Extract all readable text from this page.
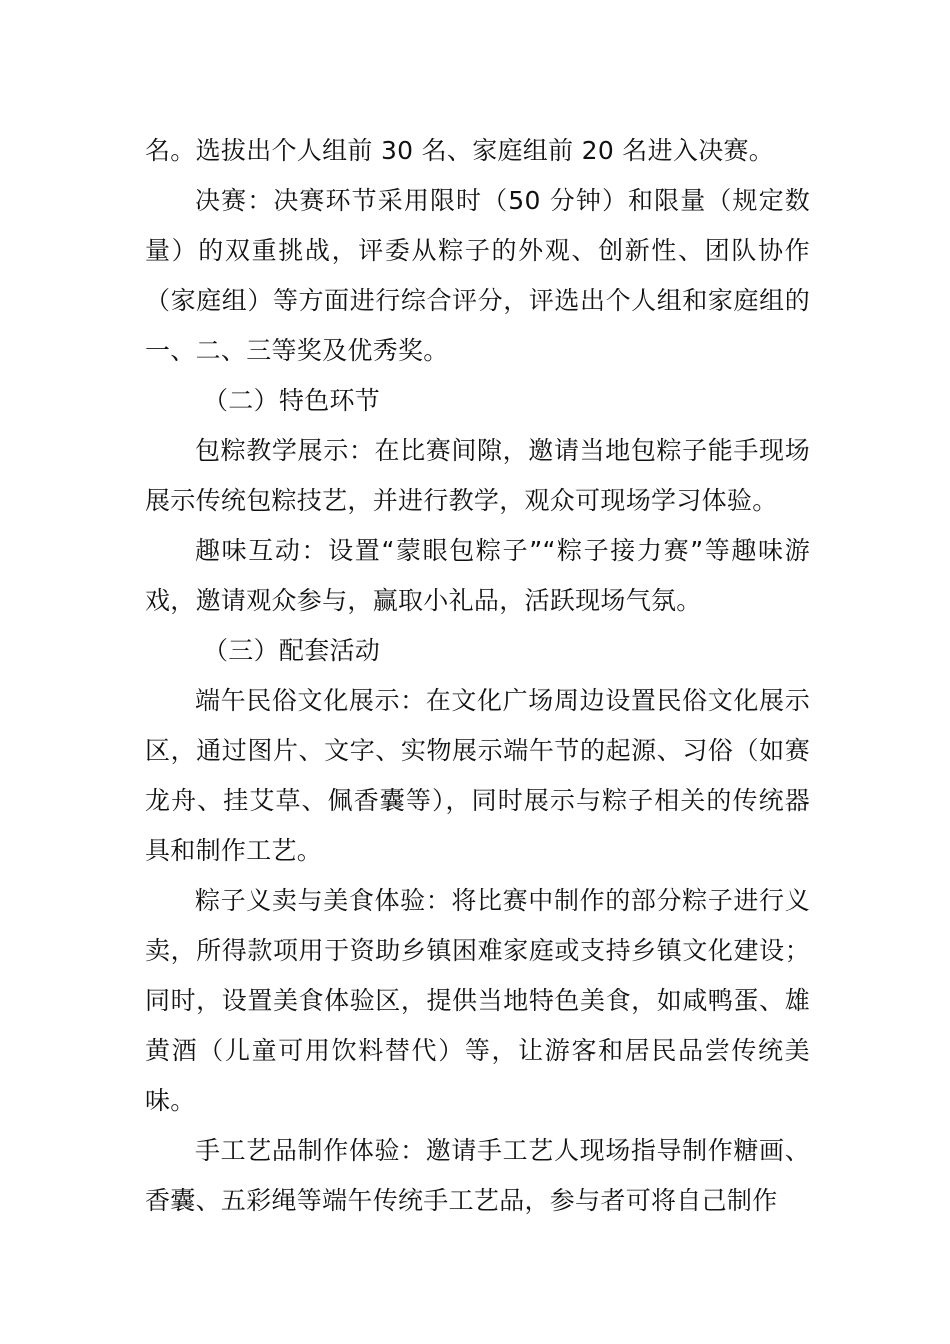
名。选拔出个人组前 30 名、家庭组前 20 名进入决赛。

决赛：决赛环节采用限时（50 分钟）和限量（规定数量）的双重挑战，评委从粽子的外观、创新性、团队协作（家庭组）等方面进行综合评分，评选出个人组和家庭组的一、二、三等奖及优秀奖。

（二）特色环节

包粽教学展示：在比赛间隙，邀请当地包粽子能手现场展示传统包粽技艺，并进行教学，观众可现场学习体验。

趣味互动：设置“蒙眼包粽子”“粽子接力赛”等趣味游戏，邀请观众参与，赢取小礼品，活跃现场气氛。

（三）配套活动

端午民俗文化展示：在文化广场周边设置民俗文化展示区，通过图片、文字、实物展示端午节的起源、习俗（如赛龙舟、挂艾草、佩香囊等），同时展示与粽子相关的传统器具和制作工艺。

粽子义卖与美食体验：将比赛中制作的部分粽子进行义卖，所得款项用于资助乡镇困难家庭或支持乡镇文化建设；同时，设置美食体验区，提供当地特色美食，如咸鸭蛋、雄黄酒（儿童可用饮料替代）等，让游客和居民品尝传统美味。

手工艺品制作体验：邀请手工艺人现场指导制作糖画、香囊、五彩绳等端午传统手工艺品，参与者可将自己制作
